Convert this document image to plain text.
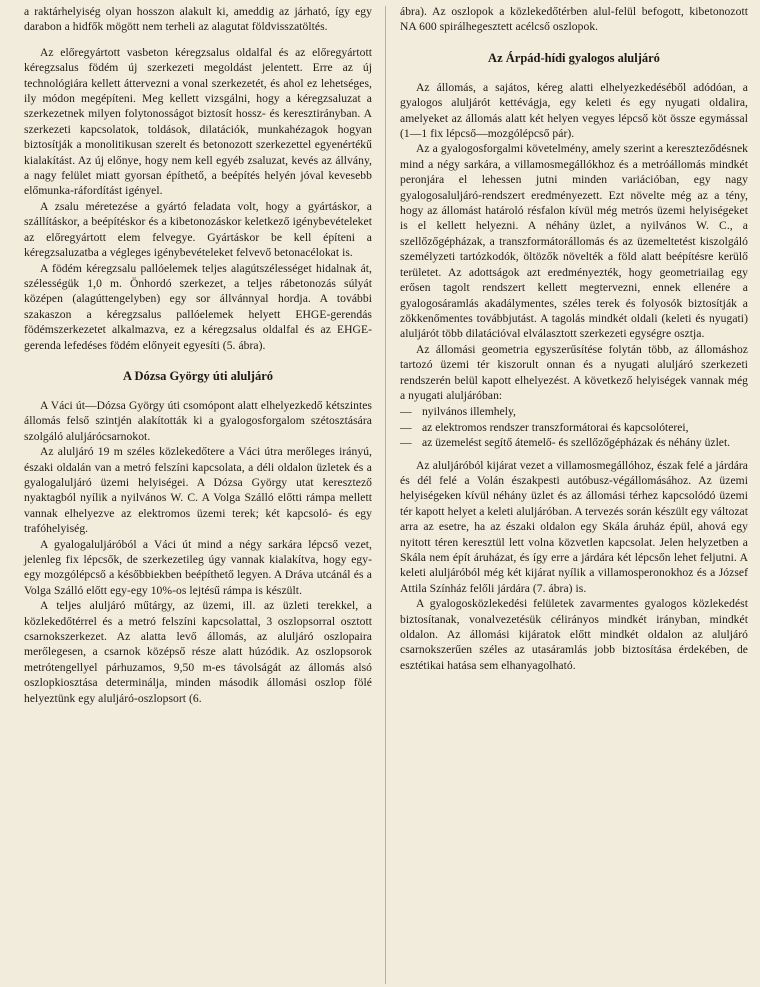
a raktárhelyiség olyan hosszon alakult ki, ameddig az járható, így egy darabon a hidfők mögött nem terheli az alagutat földvisszatöltés.

Az előregyártott vasbeton kéregzsalus oldalfal és az előregyártott kéregzsalus födém új szerkezeti megoldást jelentett. Erre az új technológiára kellett áttervezni a vonal szerkezetét, és ahol ez lehetséges, ily módon megépíteni. Meg kellett vizsgálni, hogy a kéregzsaluzat a szerkezetnek milyen folytonosságot biztosít hossz- és keresztirányban. A szerkezeti kapcsolatok, toldások, dilatációk, munkahézagok hogyan biztosítják a monolitikusan szerelt és betonozott szerkezettel egyenértékű kialakítást. Az új előnye, hogy nem kell egyéb zsaluzat, kevés az állvány, a nagy felület miatt gyorsan építhető, a beépítés helyén jóval kevesebb előmunka-ráfordítást igényel.

A zsalu méretezése a gyártó feladata volt, hogy a gyártáskor, a szállításkor, a beépítéskor és a kibetonozáskor keletkező igénybevételeket az előregyártott elem felvegye. Gyártáskor be kell építeni a kéregzsaluzatba a végleges igénybevételeket felvevő betonacélokat is.

A födém kéregzsalu pallóelemek teljes alagútszélességet hidalnak át, szélességük 1,0 m. Önhordó szerkezet, a teljes rábetonozás súlyát középen (alagúttengelyben) egy sor állvánnyal hordja. A további szakaszon a kéregzsalus pallóelemek helyett EHGE-gerendás födémszerkezetet alkalmazva, ez a kéregzsalus oldalfal és az EHGE-gerenda lefedéses födém előnyeit egyesíti (5. ábra).

A Dózsa György úti aluljáró

A Váci út—Dózsa György úti csomópont alatt elhelyezkedő kétszintes állomás felső szintjén alakították ki a gyalogosforgalom szétosztására szolgáló aluljárócsarnokot.

Az aluljáró 19 m széles közlekedőtere a Váci útra merőleges irányú, északi oldalán van a metró felszíni kapcsolata, a déli oldalon üzletek és a gyalogaluljáró üzemi helyiségei. A Dózsa György utat keresztező nyaktagból nyílik a nyilvános W. C. A Volga Szálló előtti rámpa mellett vannak elhelyezve az elektromos üzemi terek; két kapcsoló- és egy trafóhelyiség.

A gyalogaluljáróból a Váci út mind a négy sarkára lépcső vezet, jelenleg fix lépcsők, de szerkezetileg úgy vannak kialakítva, hogy egy-egy mozgólépcső a későbbiekben beépíthető legyen. A Dráva utcánál és a Volga Szálló előtt egy-egy 10%-os lejtésű rámpa is készült.

A teljes aluljáró műtárgy, az üzemi, ill. az üzleti terekkel, a közlekedőtérrel és a metró felszíni kapcsolattal, 3 oszlopsorral osztott csarnokszerkezet. Az alatta levő állomás, az aluljáró oszlopaira merőlegesen, a csarnok középső része alatt húzódik. Az oszlopsorok metrótengellyel párhuzamos, 9,50 m-es távolságát az állomás alsó oszlopkiosztása determinálja, minden második állomási oszlop fölé helyeztünk egy aluljáró-oszlopsort (6.

ábra). Az oszlopok a közlekedőtérben alul-felül befogott, kibetonozott NA 600 spirálhegesztett acélcső oszlopok.

Az Árpád-hídi gyalogos aluljáró

Az állomás, a sajátos, kéreg alatti elhelyezkedéséből adódóan, a gyalogos aluljárót kettévágja, egy keleti és egy nyugati oldalira, amelyeket az állomás alatt két helyen vegyes lépcső köt össze egymással (1—1 fix lépcső—mozgólépcső pár).

Az a gyalogosforgalmi követelmény, amely szerint a kereszteződésnek mind a négy sarkára, a villamosmegállókhoz és a metróállomás mindkét peronjára el lehessen jutni minden variációban, egy nagy gyalogosaluljáró-rendszert eredményezett. Ezt növelte még az a tény, hogy az állomást határoló résfalon kívül még metrós üzemi helyiségeket is el kellett helyezni. A néhány üzlet, a nyilvános W. C., a szellőzőgépházak, a transzformátorállomás és az üzemeltetést kiszolgáló személyzeti tartózkodók, öltözők növelték a föld alatt beépítésre kerülő területet. Az adottságok azt eredményezték, hogy geometriailag egy erősen tagolt rendszert kellett megtervezni, ennek ellenére a gyalogosáramlás akadálymentes, széles terek és folyosók biztosítják a zökkenőmentes továbbjutást. A tagolás mindkét oldali (keleti és nyugati) aluljárót több dilatációval elválasztott szerkezeti egységre osztja.

Az állomási geometria egyszerűsítése folytán több, az állomáshoz tartozó üzemi tér kiszorult onnan és a nyugati aluljáró szerkezeti rendszerén belül kapott elhelyezést. A következő helyiségek vannak még a nyugati aluljáróban:

— nyilvános illemhely,
— az elektromos rendszer transzformátorai és kapcsolóterei,
— az üzemelést segítő átemelő- és szellőzőgépházak és néhány üzlet.

Az aluljáróból kijárat vezet a villamosmegállóhoz, észak felé a járdára és dél felé a Volán északpesti autóbusz-végállomásához. Az üzemi helyiségeken kívül néhány üzlet és az állomási térhez kapcsolódó üzemi tér kapott helyet a keleti aluljáróban. A tervezés során készült egy változat arra az esetre, ha az északi oldalon egy Skála áruház épül, ahová egy nyitott téren keresztül lett volna közvetlen kapcsolat. Jelen helyzetben a Skála nem épít áruházat, és így erre a járdára két lépcsőn lehet feljutni. A keleti aluljáróból még két kijárat nyílik a villamosperonokhoz és a József Attila Színház felőli járdára (7. ábra) is.

A gyalogosközlekedési felületek zavarmentes gyalogos közlekedést biztosítanak, vonalvezetésük célirányos mindkét irányban, mindkét oldalon. Az állomási kijáratok előtt mindkét oldalon az aluljáró csarnokszerűen széles az utasáramlás jobb biztosítása érdekében, de esztétikai hatása sem elhanyagolható.
